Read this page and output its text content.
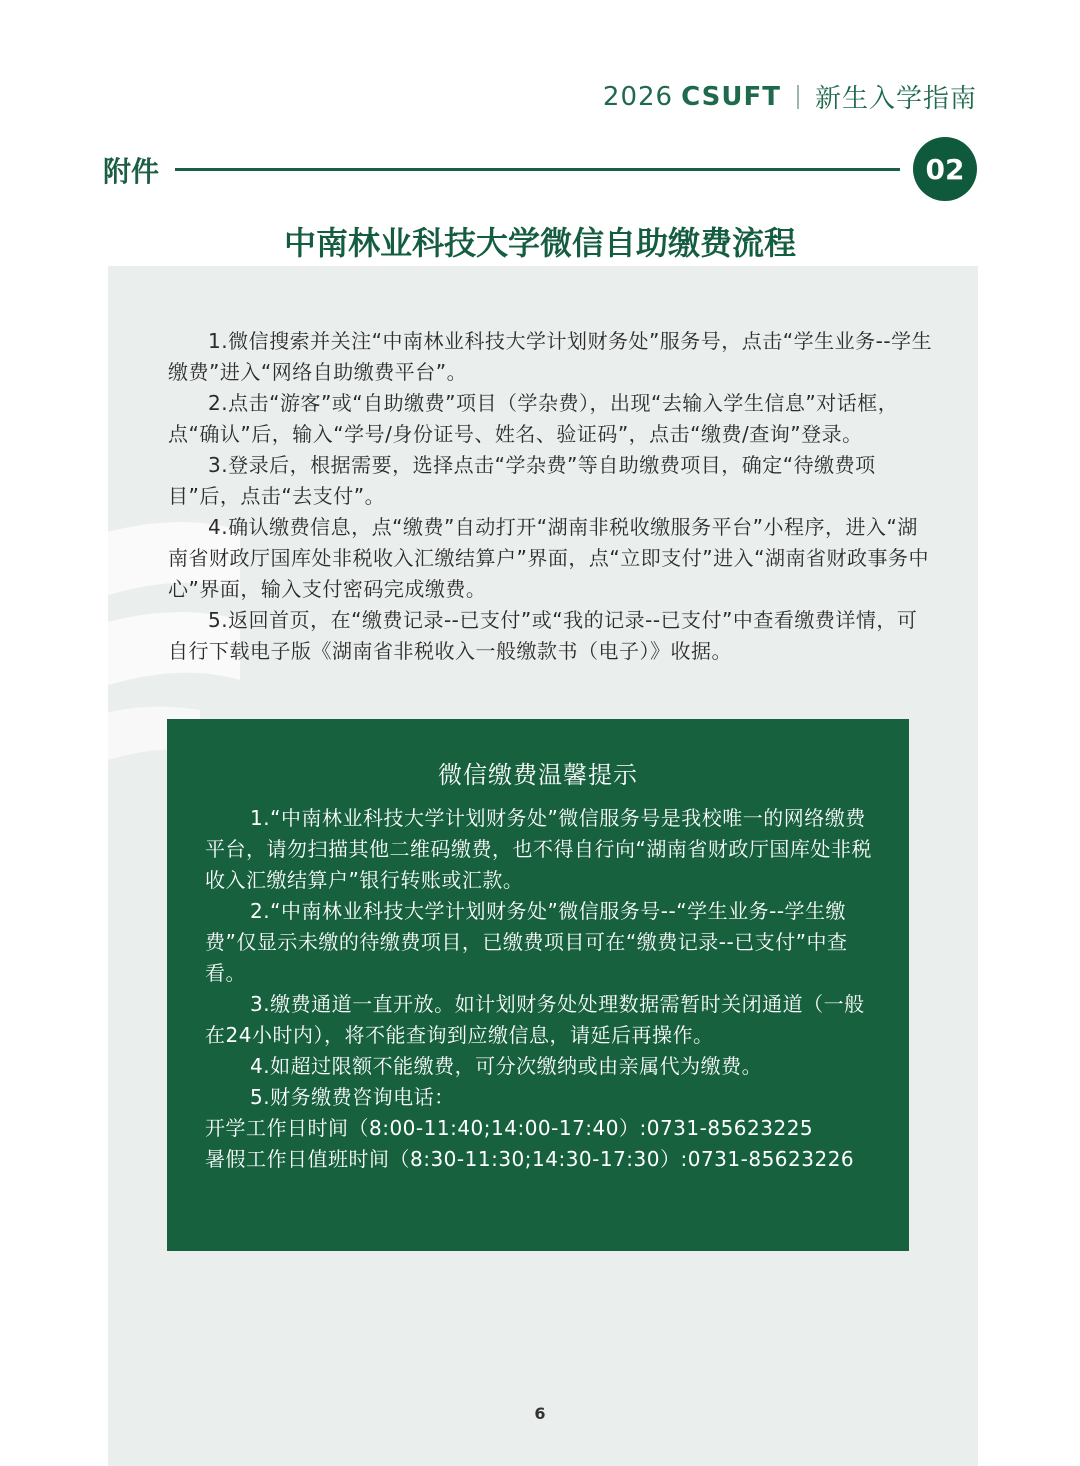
2026 CSUFT 新生入学指南
附件	02
中南林业科技大学微信自助缴费流程

1.微信搜索并关注“中南林业科技大学计划财务处”服务号，点击“学生业务--学生缴费”进入“网络自助缴费平台”。

2.点击“游客”或“自助缴费”项目（学杂费），出现“去输入学生信息”对话框，点“确认”后，输入“学号/身份证号、姓名、验证码”，点击“缴费/查询”登录。

3.登录后，根据需要，选择点击“学杂费”等自助缴费项目，确定“待缴费项目”后，点击“去支付”。

4.确认缴费信息，点“缴费”自动打开“湖南非税收缴服务平台”小程序，进入“湖南省财政厅国库处非税收入汇缴结算户”界面，点“立即支付”进入“湖南省财政事务中心”界面，输入支付密码完成缴费。

5.返回首页，在“缴费记录--已支付”或“我的记录--已支付”中查看缴费详情，可自行下载电子版《湖南省非税收入一般缴款书（电子）》收据。

微信缴费温馨提示

1.“中南林业科技大学计划财务处”微信服务号是我校唯一的网络缴费平台，请勿扫描其他二维码缴费，也不得自行向“湖南省财政厅国库处非税收入汇缴结算户”银行转账或汇款。

2.“中南林业科技大学计划财务处”微信服务号--“学生业务--学生缴费”仅显示未缴的待缴费项目，已缴费项目可在“缴费记录--已支付”中查看。

3.缴费通道一直开放。如计划财务处处理数据需暂时关闭通道（一般在24小时内），将不能查询到应缴信息，请延后再操作。

4.如超过限额不能缴费，可分次缴纳或由亲属代为缴费。

5.财务缴费咨询电话：

开学工作日时间（8:00-11:40;14:00-17:40）:0731-85623225

暑假工作日值班时间（8:30-11:30;14:30-17:30）:0731-85623226

6
